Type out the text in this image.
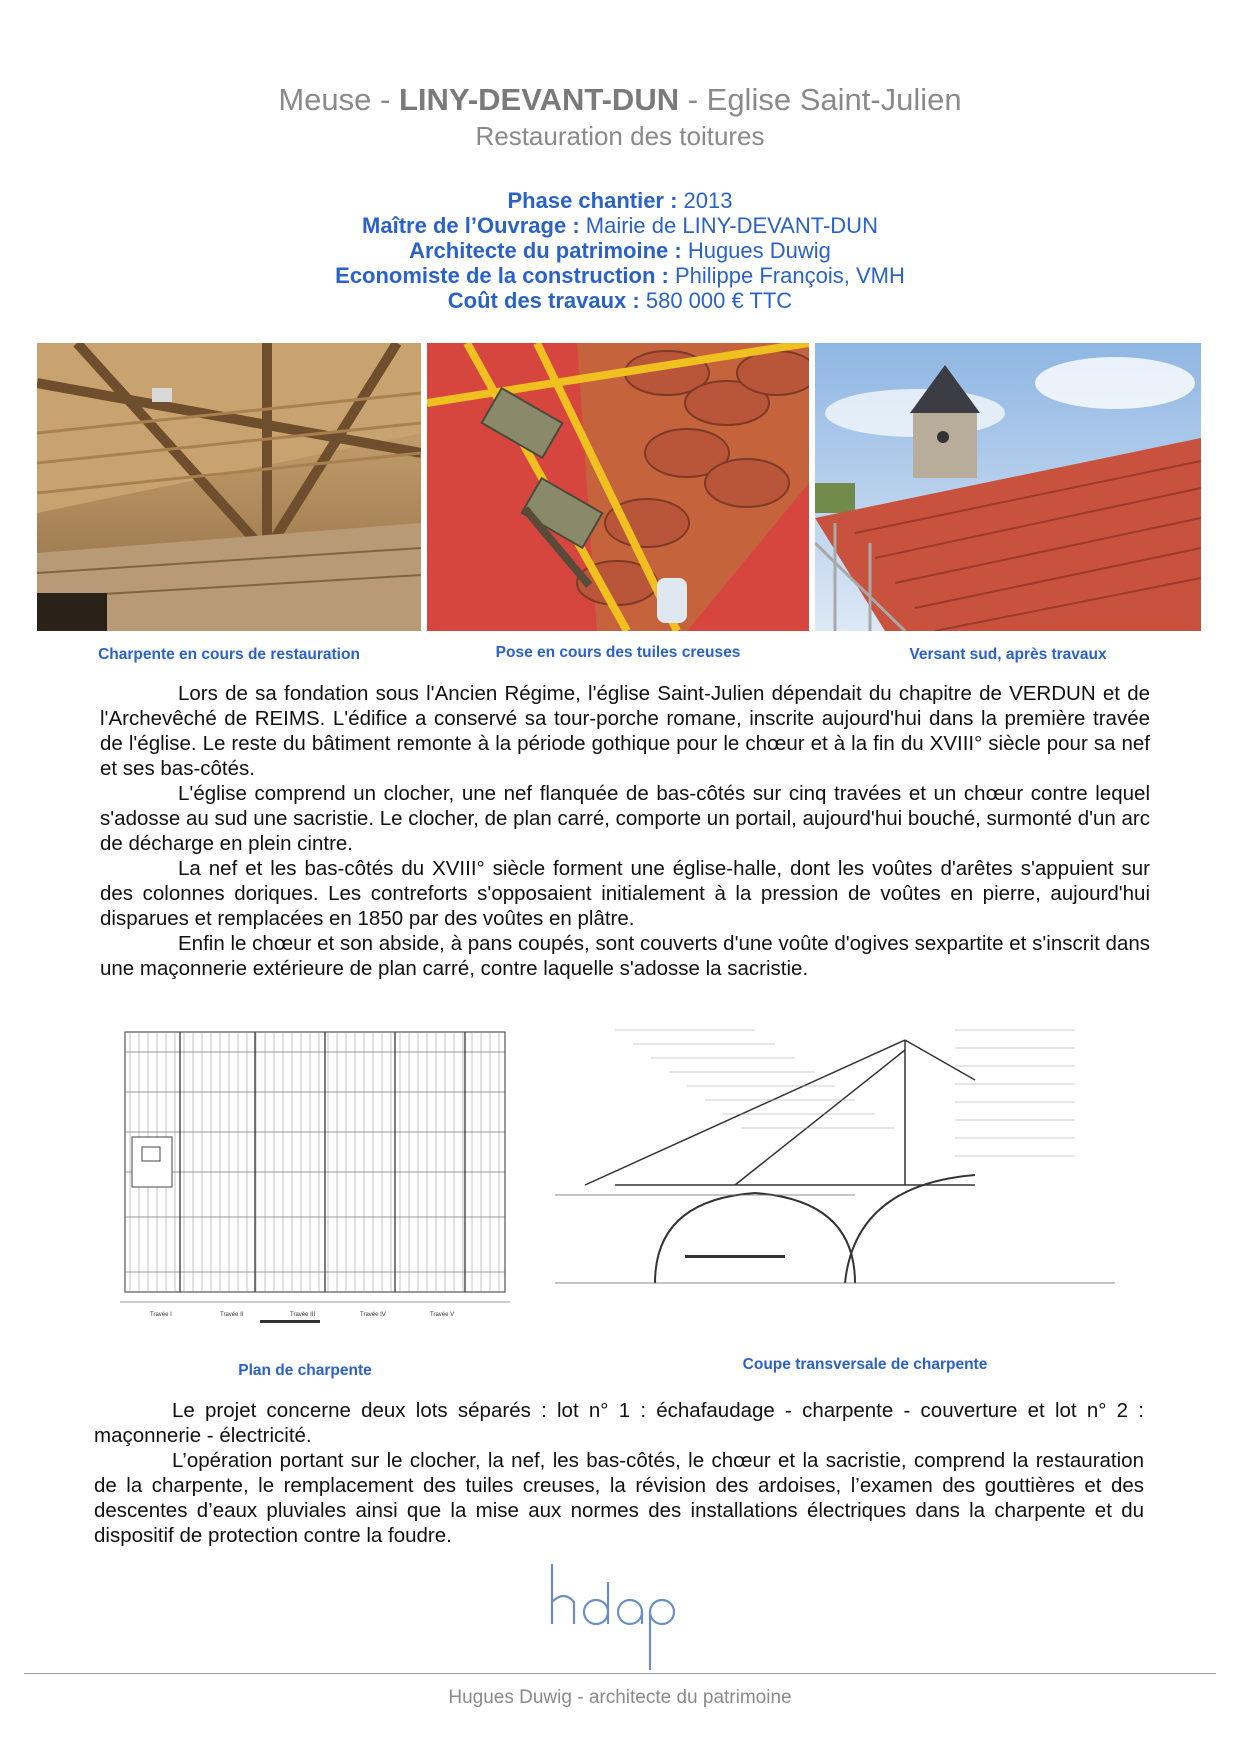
Meuse - LINY-DEVANT-DUN - Eglise Saint-Julien
Restauration des toitures
Phase chantier : 2013
Maître de l’Ouvrage : Mairie de LINY-DEVANT-DUN
Architecte du patrimoine : Hugues Duwig
Economiste de la construction : Philippe François, VMH
Coût des travaux : 580 000 € TTC
Charpente en cours de restauration	Pose en cours des tuiles creuses	Versant sud, après travaux

Lors de sa fondation sous l'Ancien Régime, l'église Saint-Julien dépendait du chapitre de VERDUN et de l'Archevêché de REIMS. L'édifice a conservé sa tour-porche romane, inscrite aujourd'hui dans la première travée de l'église. Le reste du bâtiment remonte à la période gothique pour le chœur et à la fin du XVIII° siècle pour sa nef et ses bas-côtés.

L'église comprend un clocher, une nef flanquée de bas-côtés sur cinq travées et un chœur contre lequel s'adosse au sud une sacristie. Le clocher, de plan carré, comporte un portail, aujourd'hui bouché, surmonté d'un arc de décharge en plein cintre.

La nef et les bas-côtés du XVIII° siècle forment une église-halle, dont les voûtes d'arêtes s'appuient sur des colonnes doriques. Les contreforts s'opposaient initialement à la pression de voûtes en pierre, aujourd'hui disparues et remplacées en 1850 par des voûtes en plâtre.

Enfin le chœur et son abside, à pans coupés, sont couverts d'une voûte d'ogives sexpartite et s'inscrit dans une maçonnerie extérieure de plan carré, contre laquelle s'adosse la sacristie.

Travée I	Travée II	Travée III	Travée IV	Travée V
Plan de charpente	Coupe transversale de charpente

Le projet concerne deux lots séparés : lot n° 1 : échafaudage - charpente - couverture et lot n° 2 : maçonnerie - électricité.

L’opération portant sur le clocher, la nef, les bas-côtés, le chœur et la sacristie, comprend la restauration de la charpente, le remplacement des tuiles creuses, la révision des ardoises, l’examen des gouttières et des descentes d’eaux pluviales ainsi que la mise aux normes des installations électriques dans la charpente et du dispositif de protection contre la foudre.

Hugues Duwig - architecte du patrimoine
